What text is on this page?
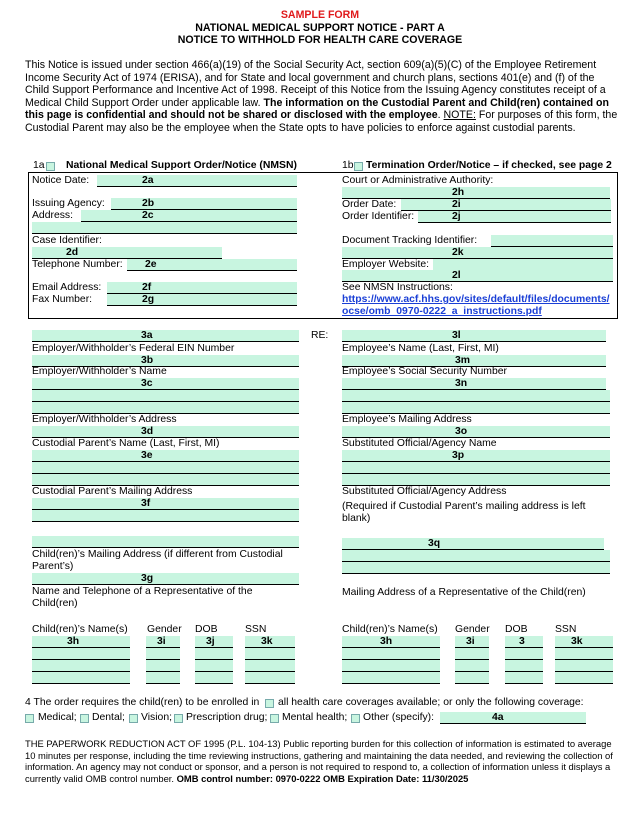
SAMPLE FORM
NATIONAL MEDICAL SUPPORT NOTICE - PART A
NOTICE TO WITHHOLD FOR HEALTH CARE COVERAGE
This Notice is issued under section 466(a)(19) of the Social Security Act, section 609(a)(5)(C) of the Employee Retirement Income Security Act of 1974 (ERISA), and for State and local government and church plans, sections 401(e) and (f) of the Child Support Performance and Incentive Act of 1998. Receipt of this Notice from the Issuing Agency constitutes receipt of a Medical Child Support Order under applicable law. The information on the Custodial Parent and Child(ren) contained on this page is confidential and should not be shared or disclosed with the employee. NOTE: For purposes of this form, the Custodial Parent may also be the employee when the State opts to have policies to enforce against custodial parents.
1a National Medical Support Order/Notice (NMSN)	1b Termination Order/Notice – if checked, see page 2
Notice Date:	2a
Issuing Agency:	2b
Address:	2c
Case Identifier:
2d
Telephone Number: 2e
Email Address:	2f
Fax Number:	2g
Court or Administrative Authority:
2h
Order Date:	2i
Order Identifier:	2j
Document Tracking Identifier:
2k
Employer Website:
2l
See NMSN Instructions:
https://www.acf.hhs.gov/sites/default/files/documents/
ocse/omb_0970-0222_a_instructions.pdf
3a	RE:
Employer/Withholder’s Federal EIN Number
3b
Employer/Withholder’s Name
3c
Employer/Withholder’s Address
3d
Custodial Parent’s Name (Last, First, MI)
3e
Custodial Parent’s Mailing Address
3f
Child(ren)’s Mailing Address (if different from Custodial Parent’s)
3g
Name and Telephone of a Representative of the Child(ren)
3l
Employee’s Name (Last, First, MI)
3m
Employee’s Social Security Number
3n
Employee’s Mailing Address
3o
Substituted Official/Agency Name
3p
Substituted Official/Agency Address
(Required if Custodial Parent’s mailing address is left blank)
3q
Mailing Address of a Representative of the Child(ren)
Child(ren)’s Name(s) Gender DOB	SSN
3h	3i	3j	3k
Child(ren)’s Name(s) Gender DOB	SSN
3h	3i	3	3k
4 The order requires the child(ren) to be enrolled in all health care coverages available; or only the following coverage:
Medical; Dental; Vision; Prescription drug; Mental health; Other (specify):	4a
THE PAPERWORK REDUCTION ACT OF 1995 (P.L. 104-13) Public reporting burden for this collection of information is estimated to average 10 minutes per response, including the time reviewing instructions, gathering and maintaining the data needed, and reviewing the collection of information. An agency may not conduct or sponsor, and a person is not required to respond to, a collection of information unless it displays a currently valid OMB control number. OMB control number: 0970-0222 OMB Expiration Date: 11/30/2025
